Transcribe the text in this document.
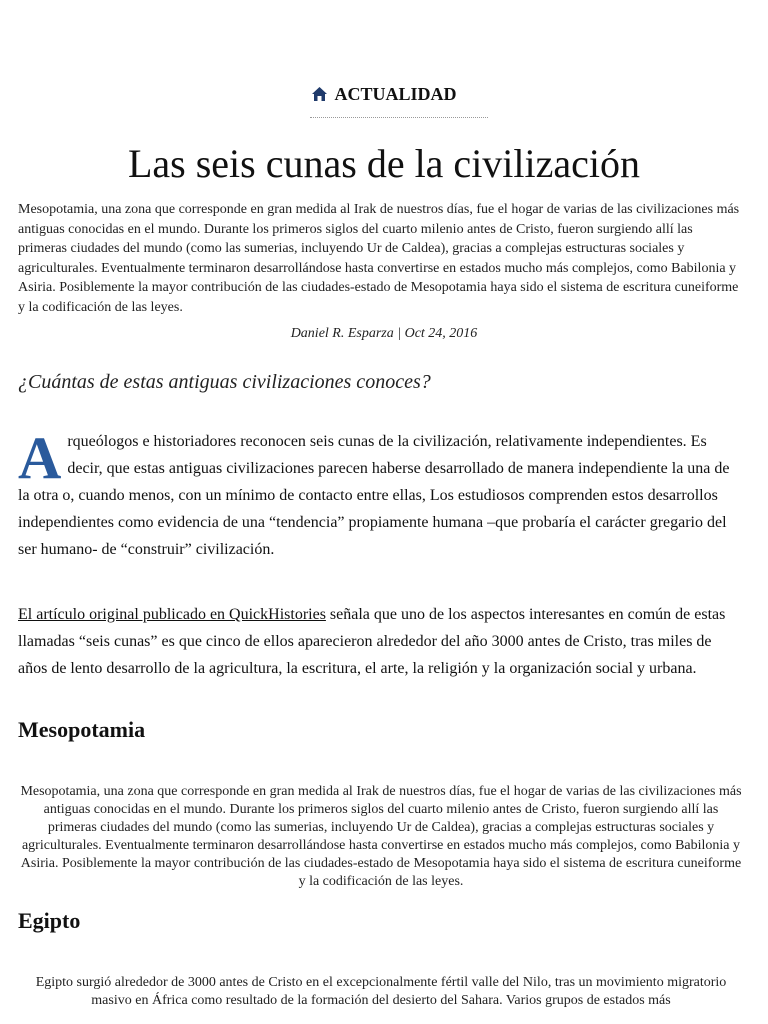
ACTUALIDAD
Las seis cunas de la civilización

Mesopotamia, una zona que corresponde en gran medida al Irak de nuestros días, fue el hogar de varias de las civilizaciones más antiguas conocidas en el mundo. Durante los primeros siglos del cuarto milenio antes de Cristo, fueron surgiendo allí las primeras ciudades del mundo (como las sumerias, incluyendo Ur de Caldea), gracias a complejas estructuras sociales y agriculturales. Eventualmente terminaron desarrollándose hasta convertirse en estados mucho más complejos, como Babilonia y Asiria. Posiblemente la mayor contribución de las ciudades-estado de Mesopotamia haya sido el sistema de escritura cuneiforme y la codificación de las leyes.

Daniel R. Esparza | Oct 24, 2016

¿Cuántas de estas antiguas civilizaciones conoces?

Arqueólogos e historiadores reconocen seis cunas de la civilización, relativamente independientes. Es decir, que estas antiguas civilizaciones parecen haberse desarrollado de manera independiente la una de la otra o, cuando menos, con un mínimo de contacto entre ellas, Los estudiosos comprenden estos desarrollos independientes como evidencia de una “tendencia” propiamente humana –que probaría el carácter gregario del ser humano- de “construir” civilización.

El artículo original publicado en QuickHistories señala que uno de los aspectos interesantes en común de estas llamadas “seis cunas” es que cinco de ellos aparecieron alrededor del año 3000 antes de Cristo, tras miles de años de lento desarrollo de la agricultura, la escritura, el arte, la religión y la organización social y urbana.

Mesopotamia

Mesopotamia, una zona que corresponde en gran medida al Irak de nuestros días, fue el hogar de varias de las civilizaciones más antiguas conocidas en el mundo. Durante los primeros siglos del cuarto milenio antes de Cristo, fueron surgiendo allí las primeras ciudades del mundo (como las sumerias, incluyendo Ur de Caldea), gracias a complejas estructuras sociales y agriculturales. Eventualmente terminaron desarrollándose hasta convertirse en estados mucho más complejos, como Babilonia y Asiria. Posiblemente la mayor contribución de las ciudades-estado de Mesopotamia haya sido el sistema de escritura cuneiforme y la codificación de las leyes.

Egipto

Egipto surgió alrededor de 3000 antes de Cristo en el excepcionalmente fértil valle del Nilo, tras un movimiento migratorio masivo en África como resultado de la formación del desierto del Sahara. Varios grupos de estados más
